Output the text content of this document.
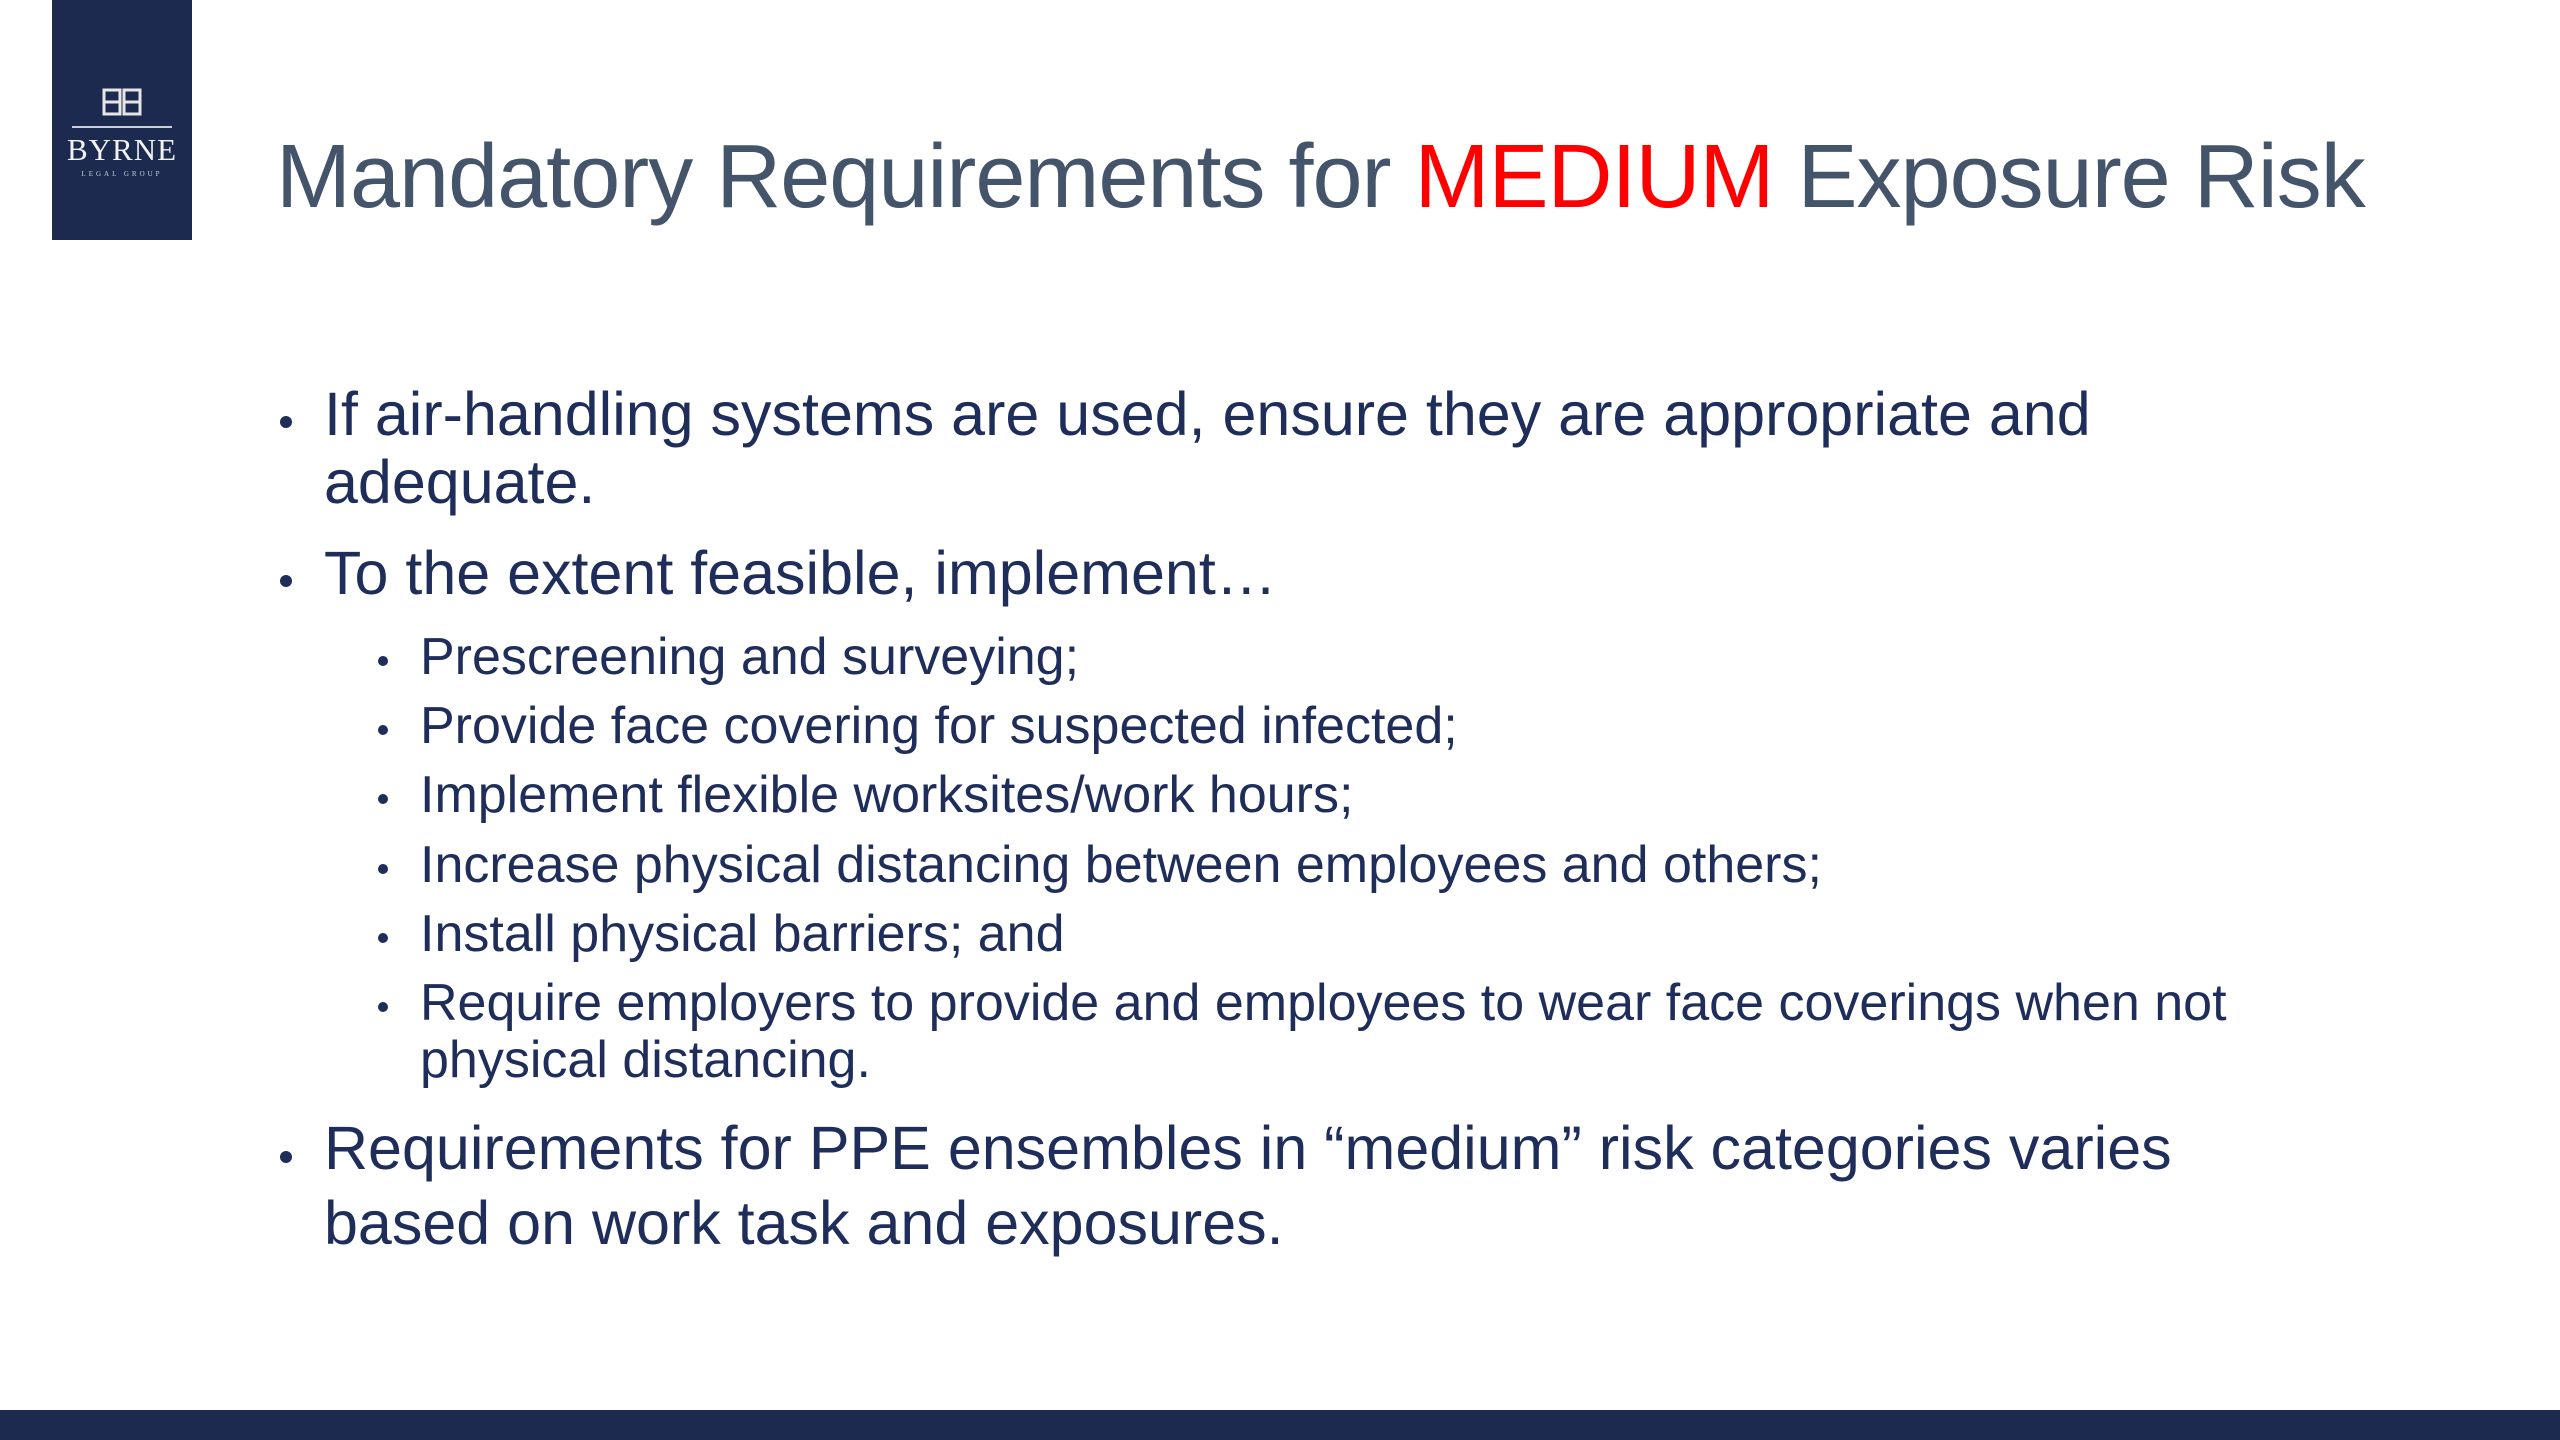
BYRNE
LEGAL GROUP Mandatory Requirements for MEDIUM Exposure Risk
If air-handling systems are used, ensure they are appropriate and adequate.
To the extent feasible, implement…
Prescreening and surveying;
Provide face covering for suspected infected;
Implement flexible worksites/work hours;
Increase physical distancing between employees and others;
Install physical barriers; and
Require employers to provide and employees to wear face coverings when not physical distancing.
Requirements for PPE ensembles in “medium” risk categories varies based on work task and exposures.
